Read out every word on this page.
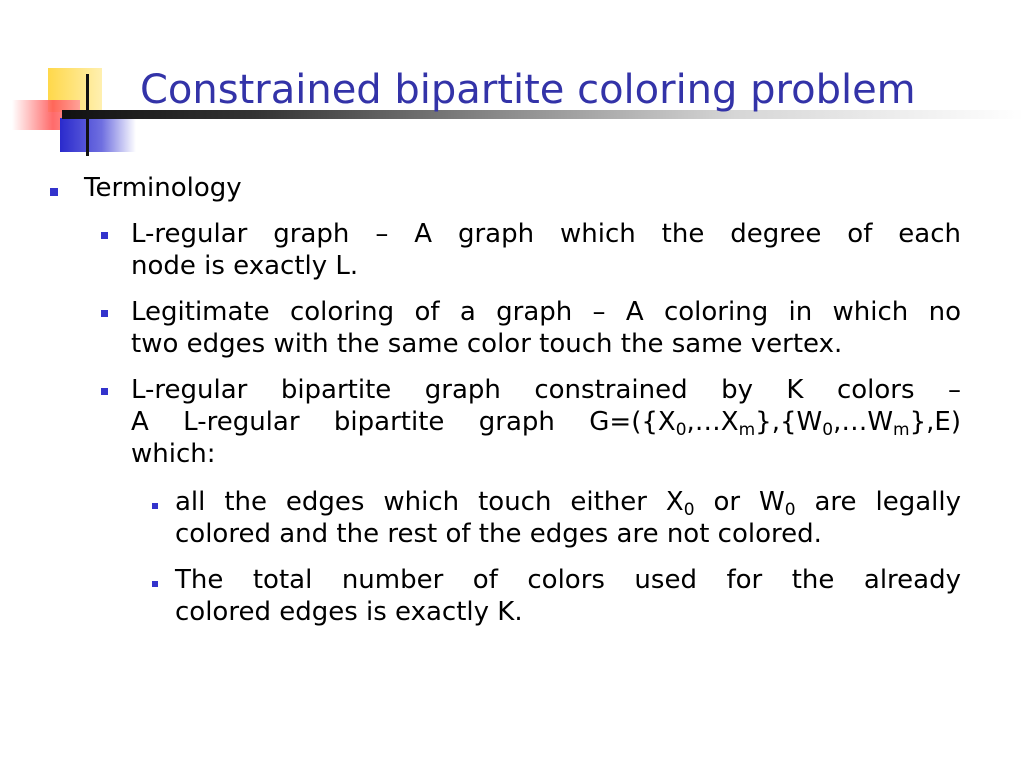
Constrained bipartite coloring problem
Terminology
L-regular graph – A graph which the degree of each
node is exactly L.
Legitimate coloring of a graph – A coloring in which no
two edges with the same color touch the same vertex.
L-regular bipartite graph constrained by K colors –
A L-regular bipartite graph $G=(\{X_0,\dots X_m\},\{W_0,\dots W_m\},E)$
which:
all the edges which touch either $X_0$ or $W_0$ are legally
colored and the rest of the edges are not colored.
The total number of colors used for the already
colored edges is exactly K.
